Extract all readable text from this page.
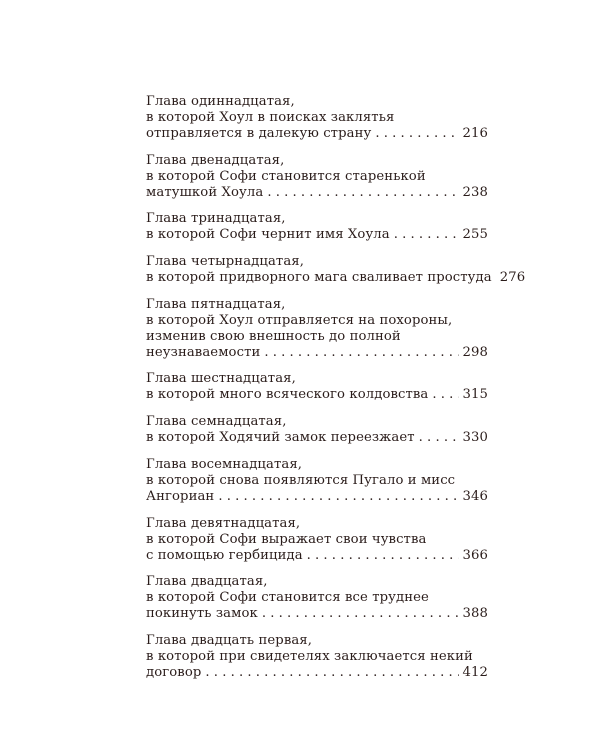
Глава одиннадцатая,
в которой Хоул в поисках заклятья
отправляется в далекую страну . . .	216
Глава двенадцатая,
в которой Софи становится старенькой
матушкой Хоула . . .	238
Глава тринадцатая,
в которой Софи чернит имя Хоула . . .	255
Глава четырнадцатая,
в которой придворного мага сваливает простуда 276
Глава пятнадцатая,
в которой Хоул отправляется на похороны,
изменив свою внешность до полной
неузнаваемости . . .	298
Глава шестнадцатая,
в которой много всяческого колдовства . . .	315
Глава семнадцатая,
в которой Ходячий замок переезжает . . .	330
Глава восемнадцатая,
в которой снова появляются Пугало и мисс
Ангориан . . .	346
Глава девятнадцатая,
в которой Софи выражает свои чувства
с помощью гербицида . . .	366
Глава двадцатая,
в которой Софи становится все труднее
покинуть замок . . .	388
Глава двадцать первая,
в которой при свидетелях заключается некий
договор . . .	412
